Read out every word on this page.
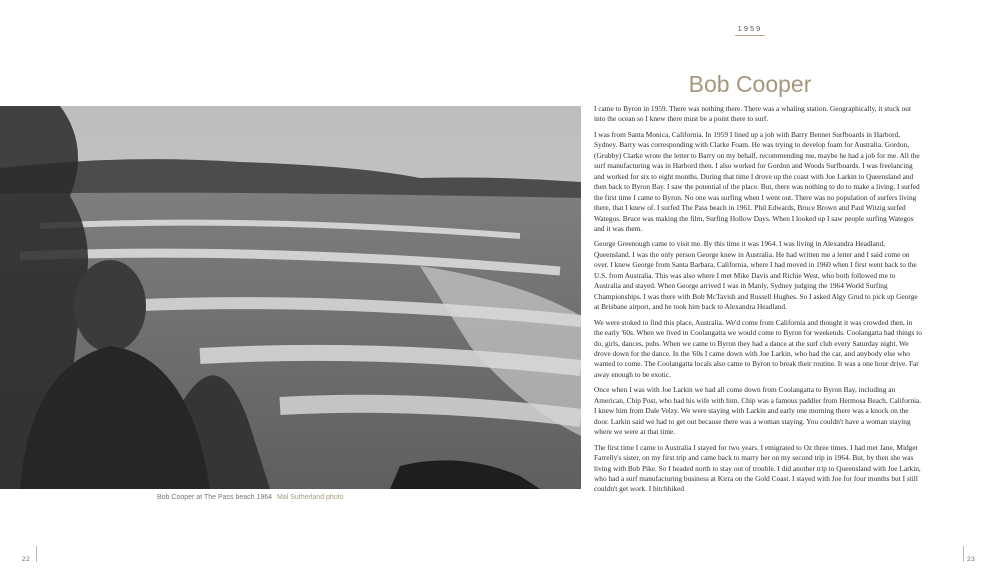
Bob Cooper at The Pass beach 1964 Mal Sutherland photo
1959
Bob Cooper

I came to Byron in 1959. There was nothing there. There was a whaling station. Geographically, it stuck out into the ocean so I knew there must be a point there to surf.

I was from Santa Monica, California. In 1959 I lined up a job with Barry Bennet Surfboards in Harbord, Sydney. Barry was corresponding with Clarke Foam. He was trying to develop foam for Australia. Gordon, (Grubby) Clarke wrote the letter to Barry on my behalf, recommending me, maybe he had a job for me. All the surf manufacturing was in Harbord then. I also worked for Gordon and Woods Surfboards. I was freelancing and worked for six to eight months. During that time I drove up the coast with Joe Larkin to Queensland and then back to Byron Bay. I saw the potential of the place. But, there was nothing to do to make a living. I surfed the first time I came to Byron. No one was surfing when I went out. There was no population of surfers living there, that I knew of. I surfed The Pass beach in 1961. Phil Edwards, Bruce Brown and Paul Witzig surfed Wategos. Bruce was making the film, Surfing Hollow Days. When I looked up I saw people surfing Wategos and it was them.

George Greenough came to visit me. By this time it was 1964. I was living in Alexandra Headland, Queensland. I was the only person George knew in Australia. He had written me a letter and I said come on over. I knew George from Santa Barbara, California, where I had moved in 1960 when I first went back to the U.S. from Australia. This was also where I met Mike Davis and Richie West, who both followed me to Australia and stayed. When George arrived I was in Manly, Sydney judging the 1964 World Surfing Championships. I was there with Bob McTavish and Russell Hughes. So I asked Algy Grud to pick up George at Brisbane airport, and he took him back to Alexandra Headland.

We were stoked to find this place, Australia. We'd come from California and thought it was crowded then, in the early '60s. When we lived in Coolangatta we would come to Byron for weekends. Coolangatta had things to do, girls, dances, pubs. When we came to Byron they had a dance at the surf club every Saturday night. We drove down for the dance. In the '60s I came down with Joe Larkin, who had the car, and anybody else who wanted to come. The Coolangatta locals also came to Byron to break their routine. It was a one hour drive. Far away enough to be exotic.

Once when I was with Joe Larkin we had all come down from Coolangatta to Byron Bay, including an American, Chip Post, who had his wife with him. Chip was a famous paddler from Hermosa Beach, California. I knew him from Dale Velzy. We were staying with Larkin and early one morning there was a knock on the door. Larkin said we had to get out because there was a woman staying. You couldn't have a woman staying where we were at that time.

The first time I came to Australia I stayed for two years. I emigrated to Oz three times. I had met Jane, Midget Farrelly's sister, on my first trip and came back to marry her on my second trip in 1964. But, by then she was living with Bob Pike. So I headed north to stay out of trouble. I did another trip to Queensland with Joe Larkin, who had a surf manufacturing business at Kirra on the Gold Coast. I stayed with Joe for four months but I still couldn't get work. I hitchhiked

22	23
